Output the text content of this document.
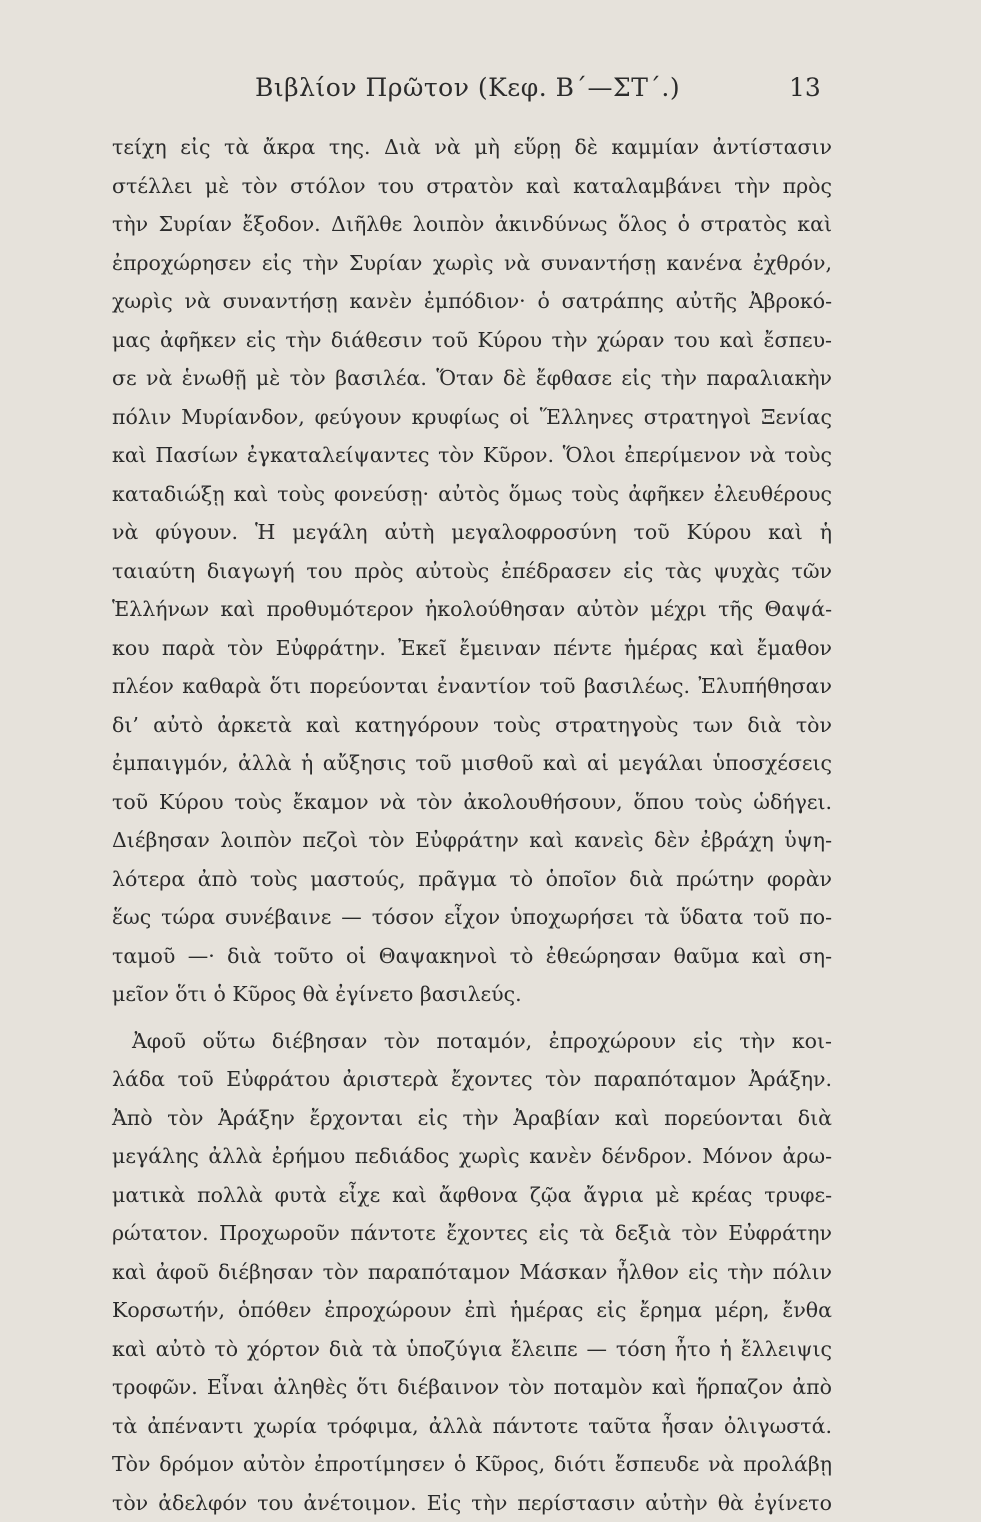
Βιβλίον Πρῶτον (Κεφ. Β΄—ΣΤ΄.)	13
τείχη εἰς τὰ ἄκρα της. Διὰ νὰ μὴ εὕρῃ δὲ καμμίαν ἀντίστασιν
στέλλει μὲ τὸν στόλον του στρατὸν καὶ καταλαμβάνει τὴν πρὸς
τὴν Συρίαν ἔξοδον. Διῆλθε λοιπὸν ἀκινδύνως ὅλος ὁ στρατὸς καὶ
ἐπροχώρησεν εἰς τὴν Συρίαν χωρὶς νὰ συναντήσῃ κανένα ἐχθρόν,
χωρὶς νὰ συναντήσῃ κανὲν ἐμπόδιον· ὁ σατράπης αὐτῆς Ἀβροκό-
μας ἀφῆκεν εἰς τὴν διάθεσιν τοῦ Κύρου τὴν χώραν του καὶ ἔσπευ-
σε νὰ ἑνωθῇ μὲ τὸν βασιλέα. Ὅταν δὲ ἔφθασε εἰς τὴν παραλιακὴν
πόλιν Μυρίανδον, φεύγουν κρυφίως οἱ Ἕλληνες στρατηγοὶ Ξενίας
καὶ Πασίων ἐγκαταλείψαντες τὸν Κῦρον. Ὅλοι ἐπερίμενον νὰ τοὺς
καταδιώξῃ καὶ τοὺς φονεύσῃ· αὐτὸς ὅμως τοὺς ἀφῆκεν ἐλευθέρους
νὰ φύγουν. Ἡ μεγάλη αὐτὴ μεγαλοφροσύνη τοῦ Κύρου καὶ ἡ
ταιαύτη διαγωγή του πρὸς αὐτοὺς ἐπέδρασεν εἰς τὰς ψυχὰς τῶν
Ἑλλήνων καὶ προθυμότερον ἠκολούθησαν αὐτὸν μέχρι τῆς Θαψά-
κου παρὰ τὸν Εὐφράτην. Ἐκεῖ ἔμειναν πέντε ἡμέρας καὶ ἔμαθον
πλέον καθαρὰ ὅτι πορεύονται ἐναντίον τοῦ βασιλέως. Ἐλυπήθησαν
δι’ αὐτὸ ἀρκετὰ καὶ κατηγόρουν τοὺς στρατηγοὺς των διὰ τὸν
ἐμπαιγμόν, ἀλλὰ ἡ αὔξησις τοῦ μισθοῦ καὶ αἱ μεγάλαι ὑποσχέσεις
τοῦ Κύρου τοὺς ἔκαμον νὰ τὸν ἀκολουθήσουν, ὅπου τοὺς ὡδήγει.
Διέβησαν λοιπὸν πεζοὶ τὸν Εὐφράτην καὶ κανεὶς δὲν ἐβράχη ὑψη-
λότερα ἀπὸ τοὺς μαστούς, πρᾶγμα τὸ ὁποῖον διὰ πρώτην φορὰν
ἕως τώρα συνέβαινε — τόσον εἶχον ὑποχωρήσει τὰ ὕδατα τοῦ πο-
ταμοῦ —· διὰ τοῦτο οἱ Θαψακηνοὶ τὸ ἐθεώρησαν θαῦμα καὶ ση-
μεῖον ὅτι ὁ Κῦρος θὰ ἐγίνετο βασιλεύς.
Ἀφοῦ οὕτω διέβησαν τὸν ποταμόν, ἐπροχώρουν εἰς τὴν κοι-
λάδα τοῦ Εὐφράτου ἀριστερὰ ἔχοντες τὸν παραπόταμον Ἀράξην.
Ἀπὸ τὸν Ἀράξην ἔρχονται εἰς τὴν Ἀραβίαν καὶ πορεύονται διὰ
μεγάλης ἀλλὰ ἐρήμου πεδιάδος χωρὶς κανὲν δένδρον. Μόνον ἀρω-
ματικὰ πολλὰ φυτὰ εἶχε καὶ ἄφθονα ζῷα ἄγρια μὲ κρέας τρυφε-
ρώτατον. Προχωροῦν πάντοτε ἔχοντες εἰς τὰ δεξιὰ τὸν Εὐφράτην
καὶ ἀφοῦ διέβησαν τὸν παραπόταμον Μάσκαν ἦλθον εἰς τὴν πόλιν
Κορσωτήν, ὁπόθεν ἐπροχώρουν ἐπὶ ἡμέρας εἰς ἔρημα μέρη, ἔνθα
καὶ αὐτὸ τὸ χόρτον διὰ τὰ ὑποζύγια ἔλειπε — τόση ἦτο ἡ ἔλλειψις
τροφῶν. Εἶναι ἀληθὲς ὅτι διέβαινον τὸν ποταμὸν καὶ ἥρπαζον ἀπὸ
τὰ ἀπέναντι χωρία τρόφιμα, ἀλλὰ πάντοτε ταῦτα ἦσαν ὀλιγωστά.
Τὸν δρόμον αὐτὸν ἐπροτίμησεν ὁ Κῦρος, διότι ἔσπευδε νὰ προλάβῃ
τὸν ἀδελφόν του ἀνέτοιμον. Εἰς τὴν περίστασιν αὐτὴν θὰ ἐγίνετο
